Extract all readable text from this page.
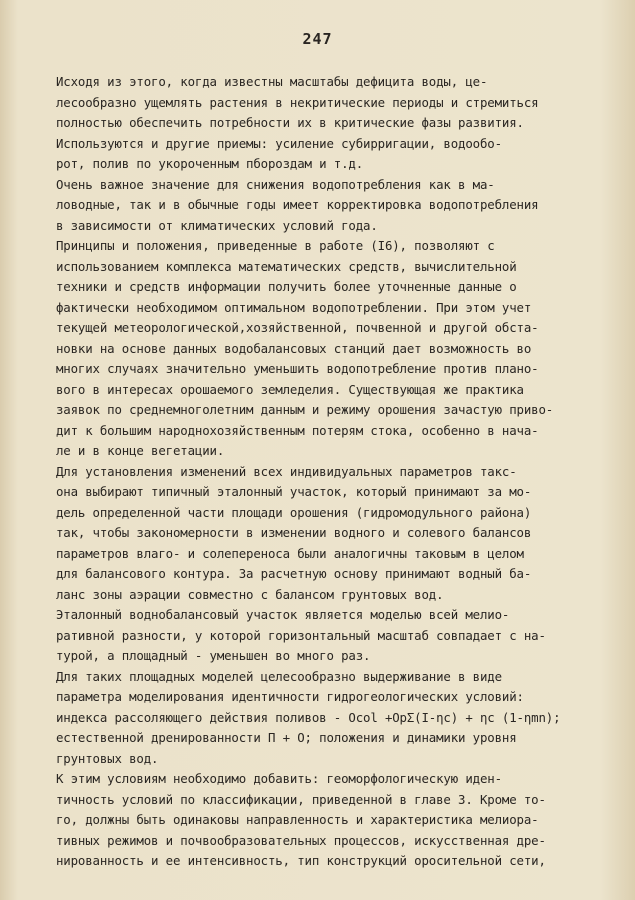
247
Исходя из этого, когда известны масштабы дефицита воды, це-
лесообразно ущемлять растения в некритические периоды и стремиться
полностью обеспечить потребности их в критические фазы развития.
Используются и другие приемы: усиление субирригации, водообо-
рот, полив по укороченным пбороздам и т.д.
Очень важное значение для снижения водопотребления как в ма-
ловодные, так и в обычные годы имеет корректировка водопотребления
в зависимости от климатических условий года.
Принципы и положения, приведенные в работе (I6), позволяют с
использованием комплекса математических средств, вычислительной
техники и средств информации получить более уточненные данные о
фактически необходимом оптимальном водопотреблении. При этом учет
текущей метеорологической,хозяйственной, почвенной и другой обста-
новки на основе данных водобалансовых станций дает возможность во
многих случаях значительно уменьшить водопотребление против плано-
вого в интересах орошаемого земледелия. Существующая же практика
заявок по среднемноголетним данным и режиму орошения зачастую приво-
дит к большим народнохозяйственным потерям стока, особенно в нача-
ле и в конце вегетации.
Для установления изменений всех индивидуальных параметров такс-
она выбирают типичный эталонный участок, который принимают за мо-
дель определенной части площади орошения (гидромодульного района)
так, чтобы закономерности в изменении водного и солевого балансов
параметров влаго- и солепереноса были аналогичны таковым в целом
для балансового контура. За расчетную основу принимают водный ба-
ланс зоны аэрации совместно с балансом грунтовых вод.
Эталонный воднобалансовый участок является моделью всей мелио-
ративной разности, у которой горизонтальный масштаб совпадает с на-
турой, а площадный - уменьшен во много раз.
Для таких площадных моделей целесообразно выдерживание в виде
параметра моделирования идентичности гидрогеологических условий:
индекса рассоляющего действия поливов - Oсоl +OрΣ(I-ηc) + ηc (1-ηmn);
естественной дренированности П + О; положения и динамики уровня
грунтовых вод.
К этим условиям необходимо добавить: геоморфологическую иден-
тичность условий по классификации, приведенной в главе 3. Кроме то-
го, должны быть одинаковы направленность и характеристика мелиора-
тивных режимов и почвообразовательных процессов, искусственная дре-
нированность и ее интенсивность, тип конструкций оросительной сети,
